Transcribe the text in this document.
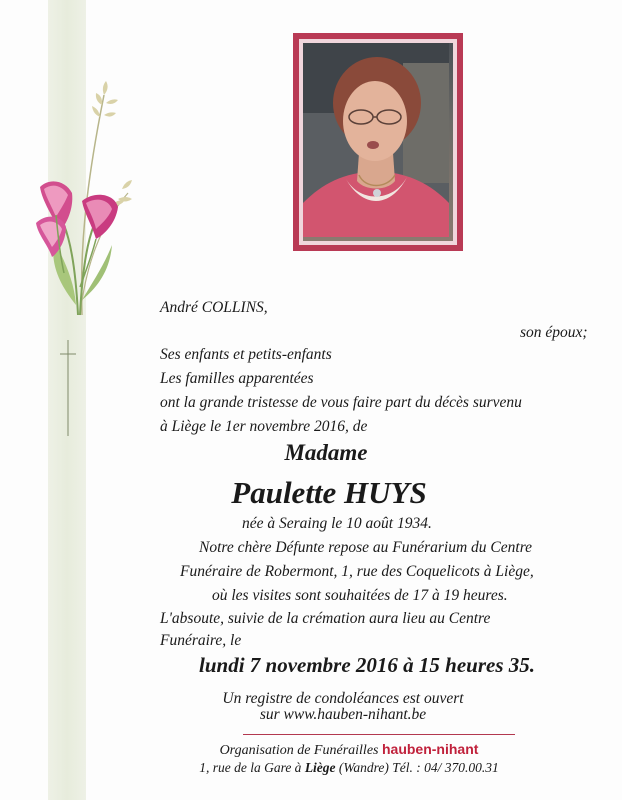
André COLLINS,
son époux;
Ses enfants et petits-enfants
Les familles apparentées
ont la grande tristesse de vous faire part du décès survenu
à Liège le 1er novembre 2016, de
Madame
Paulette HUYS
née à Seraing le 10 août 1934.
Notre chère Défunte repose au Funérarium du Centre
Funéraire de Robermont, 1, rue des Coquelicots à Liège,
où les visites sont souhaitées de 17 à 19 heures.
L'absoute, suivie de la crémation aura lieu au Centre
Funéraire, le
lundi 7 novembre 2016 à 15 heures 35.
Un registre de condoléances est ouvert
sur www.hauben-nihant.be
Organisation de Funérailles hauben-nihant
1, rue de la Gare à Liège (Wandre) Tél. : 04/ 370.00.31
